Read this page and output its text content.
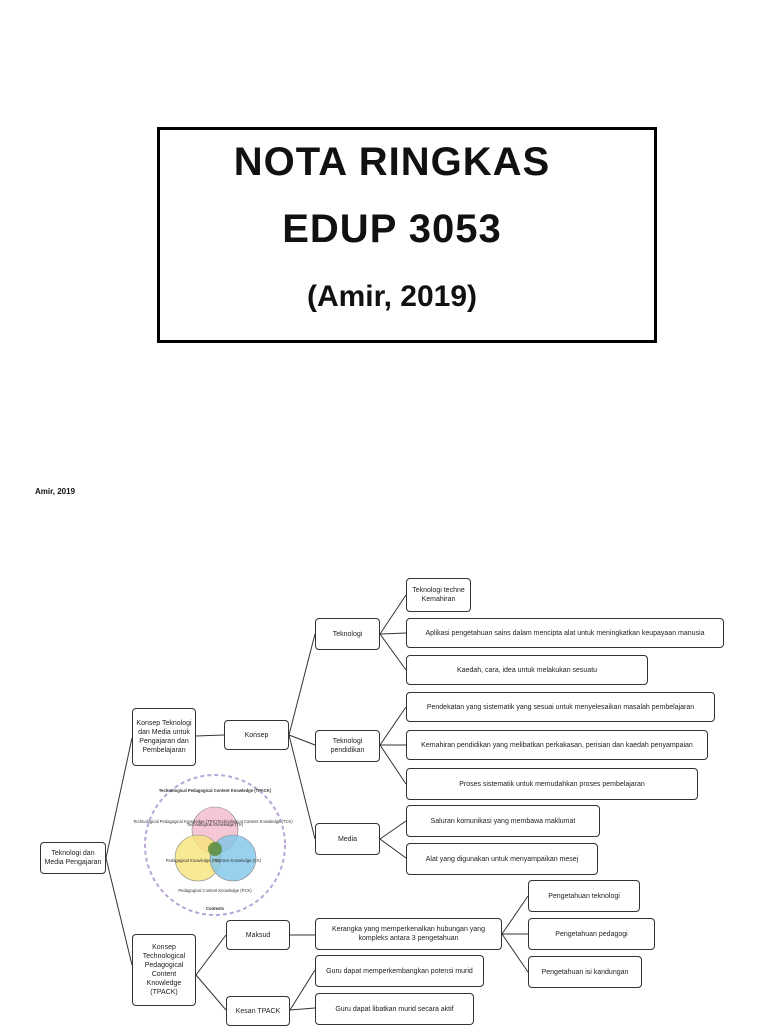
NOTA RINGKAS
EDUP 3053
(Amir, 2019)
Amir, 2019
Teknologi dan Media Pengajaran
Konsep Teknologi dan Media untuk Pengajaran dan Pembelajaran
Konsep Technological Pedagogical Content Knowledge (TPACK)
Konsep
Teknologi
Teknologi pendidikan
Media
Teknologi techne Kemahiran
Aplikasi pengetahuan sains dalam mencipta alat untuk meningkatkan keupayaan manusia
Kaedah, cara, idea untuk melakukan sesuatu
Pendekatan yang sistematik yang sesuai untuk menyelesaikan masalah pembelajaran
Kemahiran pendidikan yang melibatkan perkakasan, perisian dan kaedah penyampaian
Proses sistematik untuk memudahkan proses pembelajaran
Saluran komunikasi yang membawa maklumat
Alat yang digunakan untuk menyampaikan mesej
Maksud
Kerangka yang memperkenalkan hubungan yang kompleks antara 3 pengetahuan
Pengetahuan teknologi
Pengetahuan pedagogi
Pengetahuan isi kandungan
Kesan TPACK
Guru dapat memperkembangkan potensi murid
Guru dapat libatkan murid secara aktif
Technological Pedagogical Content Knowledge (TPACK)
Technological Pedagogical Knowledge (TPK) Technological Content Knowledge (TCK)
Technological Knowledge (TK)
Pedagogical Knowledge (PK)
Content Knowledge (CK)
Pedagogical Content Knowledge (PCK)
Contexts
